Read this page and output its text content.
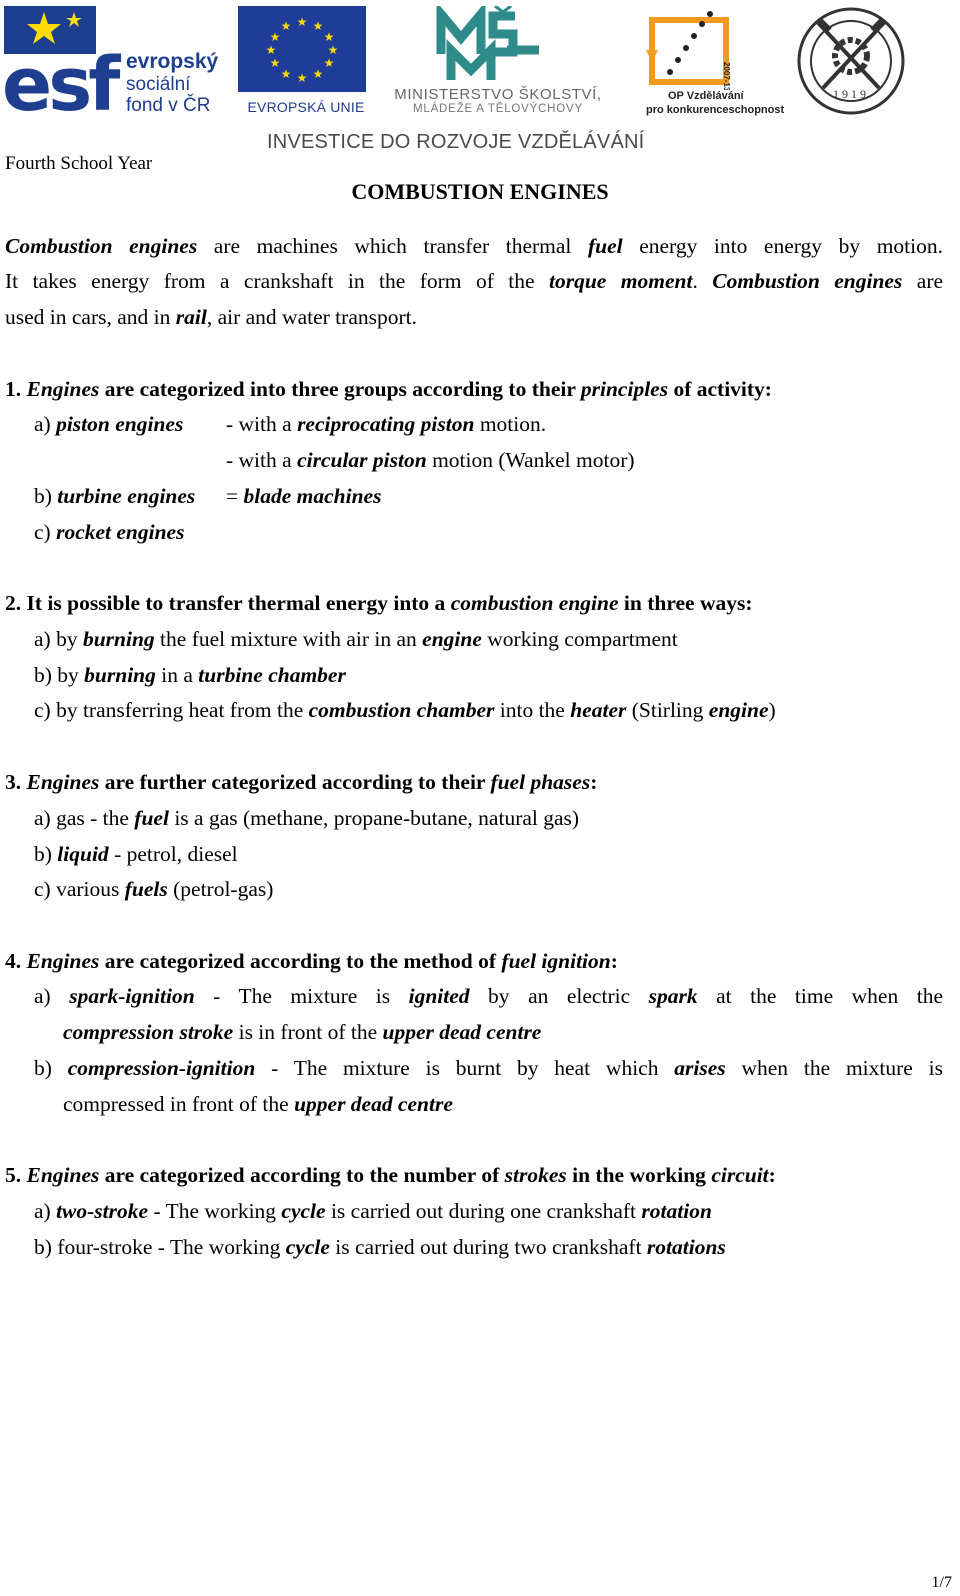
esf evropský
sociální
fond v ČR
★ ★
★
★
★
★
★
★
★
★
★
★
EVROPSKÁ UNIE
MINISTERSTVO ŠKOLSTVÍ,
MLÁDEŽE A TĚLOVÝCHOVY
2007-13
OP Vzdělávání
pro konkurenceschopnost
1919
INVESTICE DO ROZVOJE VZDĚLÁVÁNÍ
Fourth School Year
COMBUSTION ENGINES
Combustion engines are machines which transfer thermal fuel energy into energy by motion.
It takes energy from a crankshaft in the form of the torque moment. Combustion engines are
used in cars, and in rail, air and water transport.
1. Engines are categorized into three groups according to their principles of activity:
a) piston engines - with a reciprocating piston motion.
- with a circular piston motion (Wankel motor)
b) turbine engines = blade machines
c) rocket engines
2. It is possible to transfer thermal energy into a combustion engine in three ways:
a) by burning the fuel mixture with air in an engine working compartment
b) by burning in a turbine chamber
c) by transferring heat from the combustion chamber into the heater (Stirling engine)
3. Engines are further categorized according to their fuel phases:
a) gas - the fuel is a gas (methane, propane-butane, natural gas)
b) liquid - petrol, diesel
c) various fuels (petrol-gas)
4. Engines are categorized according to the method of fuel ignition:
a) spark-ignition - The mixture is ignited by an electric spark at the time when the
compression stroke is in front of the upper dead centre
b) compression-ignition - The mixture is burnt by heat which arises when the mixture is
compressed in front of the upper dead centre
5. Engines are categorized according to the number of strokes in the working circuit:
a) two-stroke - The working cycle is carried out during one crankshaft rotation
b) four-stroke - The working cycle is carried out during two crankshaft rotations
1/7
